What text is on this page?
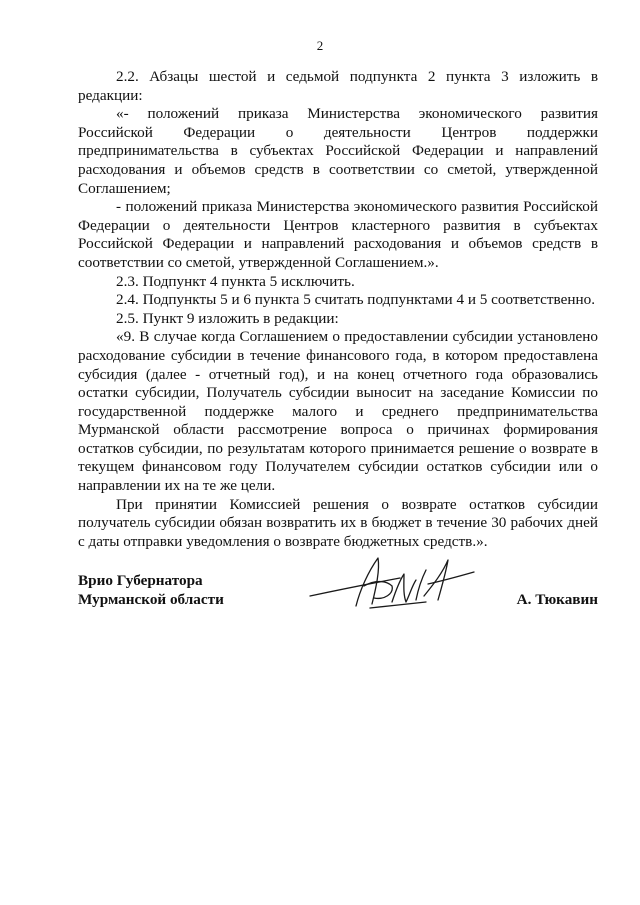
2

2.2. Абзацы шестой и седьмой подпункта 2 пункта 3 изложить в редакции:

«- положений приказа Министерства экономического развития Российской Федерации о деятельности Центров поддержки предпринимательства в субъектах Российской Федерации и направлений расходования и объемов средств в соответствии со сметой, утвержденной Соглашением;

- положений приказа Министерства экономического развития Российской Федерации о деятельности Центров кластерного развития в субъектах Российской Федерации и направлений расходования и объемов средств в соответствии со сметой, утвержденной Соглашением.».

2.3. Подпункт 4 пункта 5 исключить.

2.4. Подпункты 5 и 6 пункта 5 считать подпунктами 4 и 5 соответственно.

2.5. Пункт 9 изложить в редакции:

«9. В случае когда Соглашением о предоставлении субсидии установлено расходование субсидии в течение финансового года, в котором предоставлена субсидия (далее - отчетный год), и на конец отчетного года образовались остатки субсидии, Получатель субсидии выносит на заседание Комиссии по государственной поддержке малого и среднего предпринимательства Мурманской области рассмотрение вопроса о причинах формирования остатков субсидии, по результатам которого принимается решение о возврате в текущем финансовом году Получателем субсидии остатков субсидии или о направлении их на те же цели.

При принятии Комиссией решения о возврате остатков субсидии получатель субсидии обязан возвратить их в бюджет в течение 30 рабочих дней с даты отправки уведомления о возврате бюджетных средств.».

Врио Губернатора
Мурманской области	А. Тюкавин
